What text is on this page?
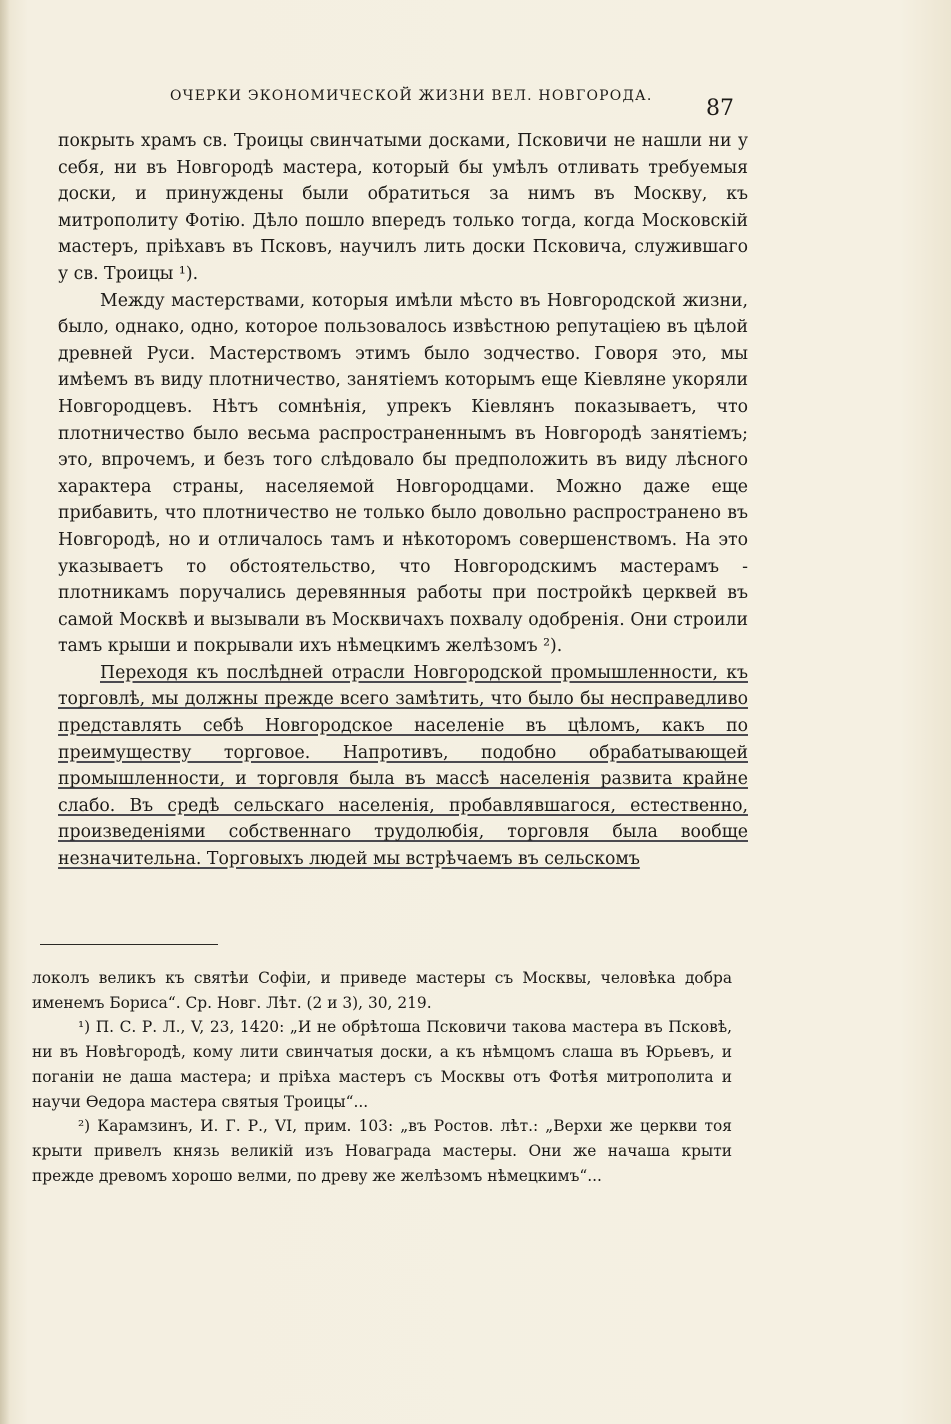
ОЧЕРКИ ЭКОНОМИЧЕСКОЙ ЖИЗНИ ВЕЛ. НОВГОРОДА. 87

покрыть храмъ св. Троицы свинчатыми досками, Псковичи не нашли ни у себя, ни въ Новгородѣ мастера, который бы умѣлъ отливать требуемыя доски, и принуждены были обратиться за нимъ въ Москву, къ митрополиту Фотію. Дѣло пошло впередъ только тогда, когда Московскій мастеръ, пріѣхавъ въ Псковъ, научилъ лить доски Псковича, служившаго у св. Троицы ¹).

Между мастерствами, которыя имѣли мѣсто въ Новгородской жизни, было, однако, одно, которое пользовалось извѣстною репутаціею въ цѣлой древней Руси. Мастерствомъ этимъ было зодчество. Говоря это, мы имѣемъ въ виду плотничество, занятіемъ которымъ еще Кіевляне укоряли Новгородцевъ. Нѣтъ сомнѣнія, упрекъ Кіевлянъ показываетъ, что плотничество было весьма распространеннымъ въ Новгородѣ занятіемъ; это, впрочемъ, и безъ того слѣдовало бы предположить въ виду лѣсного характера страны, населяемой Новгородцами. Можно даже еще прибавить, что плотничество не только было довольно распространено въ Новгородѣ, но и отличалось тамъ и нѣкоторомъ совершенствомъ. На это указываетъ то обстоятельство, что Новгородскимъ мастерамъ - плотникамъ поручались деревянныя работы при постройкѣ церквей въ самой Москвѣ и вызывали въ Москвичахъ похвалу одобренія. Они строили тамъ крыши и покрывали ихъ нѣмецкимъ желѣзомъ ²).

Переходя къ послѣдней отрасли Новгородской промышленности, къ торговлѣ, мы должны прежде всего замѣтить, что было бы несправедливо представлять себѣ Новгородское населеніе въ цѣломъ, какъ по преимуществу торговое. Напротивъ, подобно обрабатывающей промышленности, и торговля была въ массѣ населенія развита крайне слабо. Въ средѣ сельскаго населенія, пробавлявшагося, естественно, произведеніями собственнаго трудолюбія, торговля была вообще незначительна. Торговыхъ людей мы встрѣчаемъ въ сельскомъ

локолъ великъ къ святѣи Софіи, и приведе мастеры съ Москвы, человѣка добра именемъ Бориса“. Ср. Новг. Лѣт. (2 и 3), 30, 219.

¹) П. С. Р. Л., V, 23, 1420: „И не обрѣтоша Псковичи такова мастера въ Псковѣ, ни въ Новѣгородѣ, кому лити свинчатыя доски, а къ нѣмцомъ слаша въ Юрьевъ, и поганіи не даша мастера; и пріѣха мастеръ съ Москвы отъ Фотѣя митрополита и научи Ѳедора мастера святыя Троицы“...

²) Карамзинъ, И. Г. Р., VI, прим. 103: „въ Ростов. лѣт.: „Верхи же церкви тоя крыти привелъ князь великій изъ Новаграда мастеры. Они же начаша крыти прежде древомъ хорошо велми, по древу же желѣзомъ нѣмецкимъ“...
